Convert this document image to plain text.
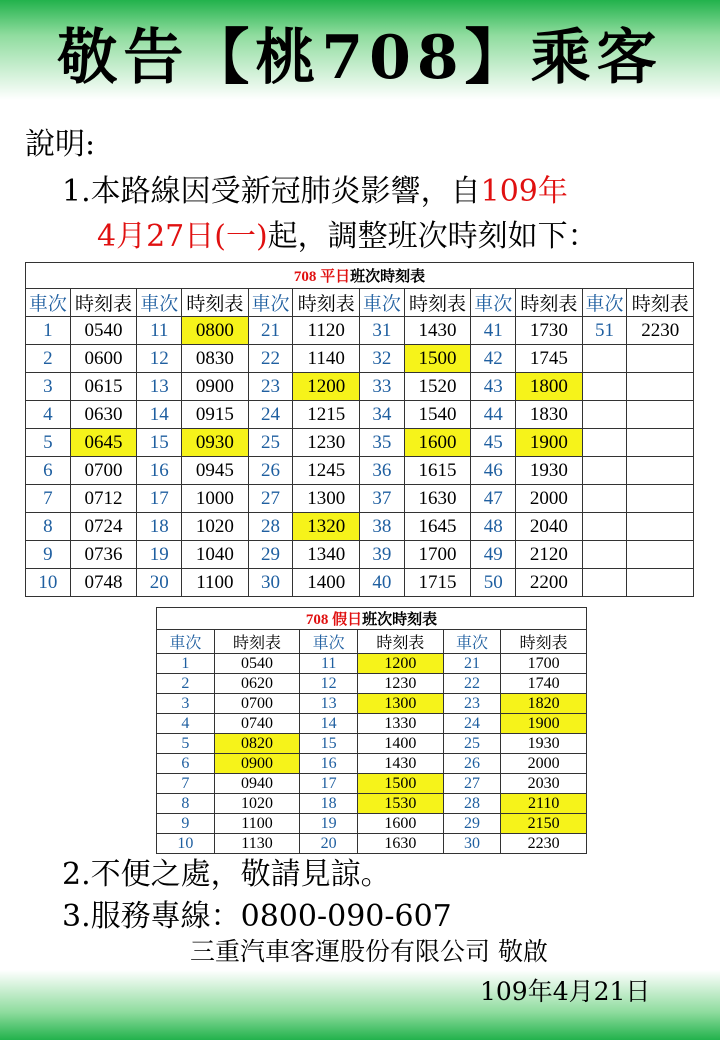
敬告【桃708】乘客
說明:
1.本路線因受新冠肺炎影響，自109年
4月27日(一)起，調整班次時刻如下：
708 平日班次時刻表											
車次	時刻表	車次	時刻表	車次	時刻表	車次	時刻表	車次	時刻表	車次	時刻表
1	0540	11	0800	21	1120	31	1430	41	1730	51	2230
2	0600	12	0830	22	1140	32	1500	42	1745		
3	0615	13	0900	23	1200	33	1520	43	1800		
4	0630	14	0915	24	1215	34	1540	44	1830		
5	0645	15	0930	25	1230	35	1600	45	1900		
6	0700	16	0945	26	1245	36	1615	46	1930		
7	0712	17	1000	27	1300	37	1630	47	2000		
8	0724	18	1020	28	1320	38	1645	48	2040		
9	0736	19	1040	29	1340	39	1700	49	2120		
10	0748	20	1100	30	1400	40	1715	50	2200		
708 假日班次時刻表					
車次	時刻表	車次	時刻表	車次	時刻表
1	0540	11	1200	21	1700
2	0620	12	1230	22	1740
3	0700	13	1300	23	1820
4	0740	14	1330	24	1900
5	0820	15	1400	25	1930
6	0900	16	1430	26	2000
7	0940	17	1500	27	2030
8	1020	18	1530	28	2110
9	1100	19	1600	29	2150
10	1130	20	1630	30	2230
2.不便之處，敬請見諒。
3.服務專線：0800-090-607
三重汽車客運股份有限公司 敬啟
109年4月21日
